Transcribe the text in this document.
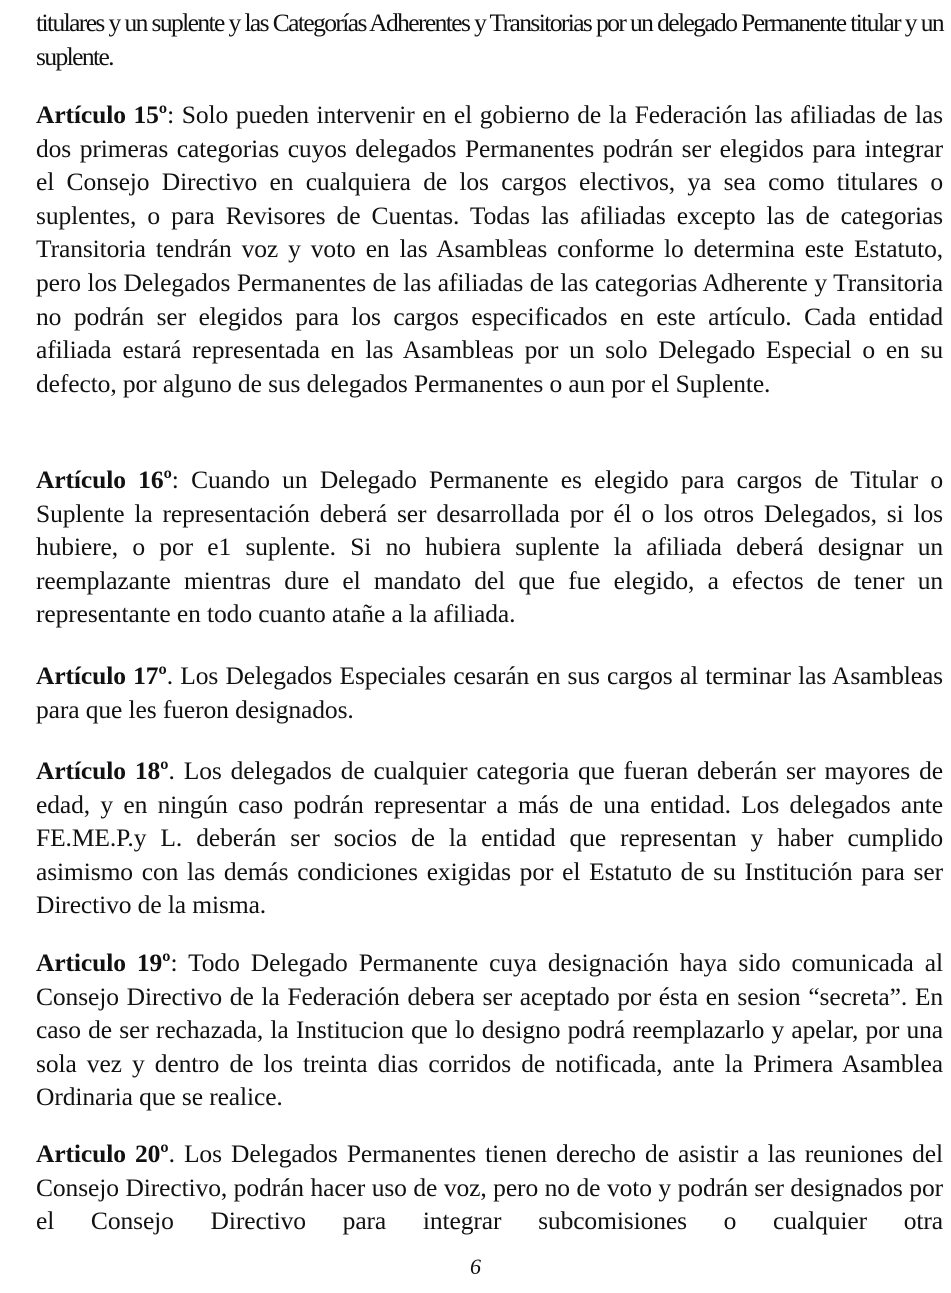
titulares y un suplente y las Categorías Adherentes y Transitorias por un delegado Permanente titular y un suplente.

Artículo 15º: Solo pueden intervenir en el gobierno de la Federación las afiliadas de las dos primeras categorias cuyos delegados Permanentes podrán ser elegidos para integrar el Consejo Directivo en cualquiera de los cargos electivos, ya sea como titulares o suplentes, o para Revisores de Cuentas. Todas las afiliadas excepto las de categorias Transitoria tendrán voz y voto en las Asambleas conforme lo determina este Estatuto, pero los Delegados Permanentes de las afiliadas de las categorias Adherente y Transitoria no podrán ser elegidos para los cargos especificados en este artículo. Cada entidad afiliada estará representada en las Asambleas por un solo Delegado Especial o en su defecto, por alguno de sus delegados Permanentes o aun por el Suplente.

Artículo 16º: Cuando un Delegado Permanente es elegido para cargos de Titular o Suplente la representación deberá ser desarrollada por él o los otros Delegados, si los hubiere, o por e1 suplente. Si no hubiera suplente la afiliada deberá designar un reemplazante mientras dure el mandato del que fue elegido, a efectos de tener un representante en todo cuanto atañe a la afiliada.

Artículo 17º. Los Delegados Especiales cesarán en sus cargos al terminar las Asambleas para que les fueron designados.

Artículo 18º. Los delegados de cualquier categoria que fueran deberán ser mayores de edad, y en ningún caso podrán representar a más de una entidad. Los delegados ante FE.ME.P.y L. deberán ser socios de la entidad que representan y haber cumplido asimismo con las demás condiciones exigidas por el Estatuto de su Institución para ser Directivo de la misma.

Articulo 19º: Todo Delegado Permanente cuya designación haya sido comunicada al Consejo Directivo de la Federación debera ser aceptado por ésta en sesion “secreta”. En caso de ser rechazada, la Institucion que lo designo podrá reemplazarlo y apelar, por una sola vez y dentro de los treinta dias corridos de notificada, ante la Primera Asamblea Ordinaria que se realice.

Articulo 20º. Los Delegados Permanentes tienen derecho de asistir a las reuniones del Consejo Directivo, podrán hacer uso de voz, pero no de voto y podrán ser designados por el Consejo Directivo para integrar subcomisiones o cualquier otra

6
